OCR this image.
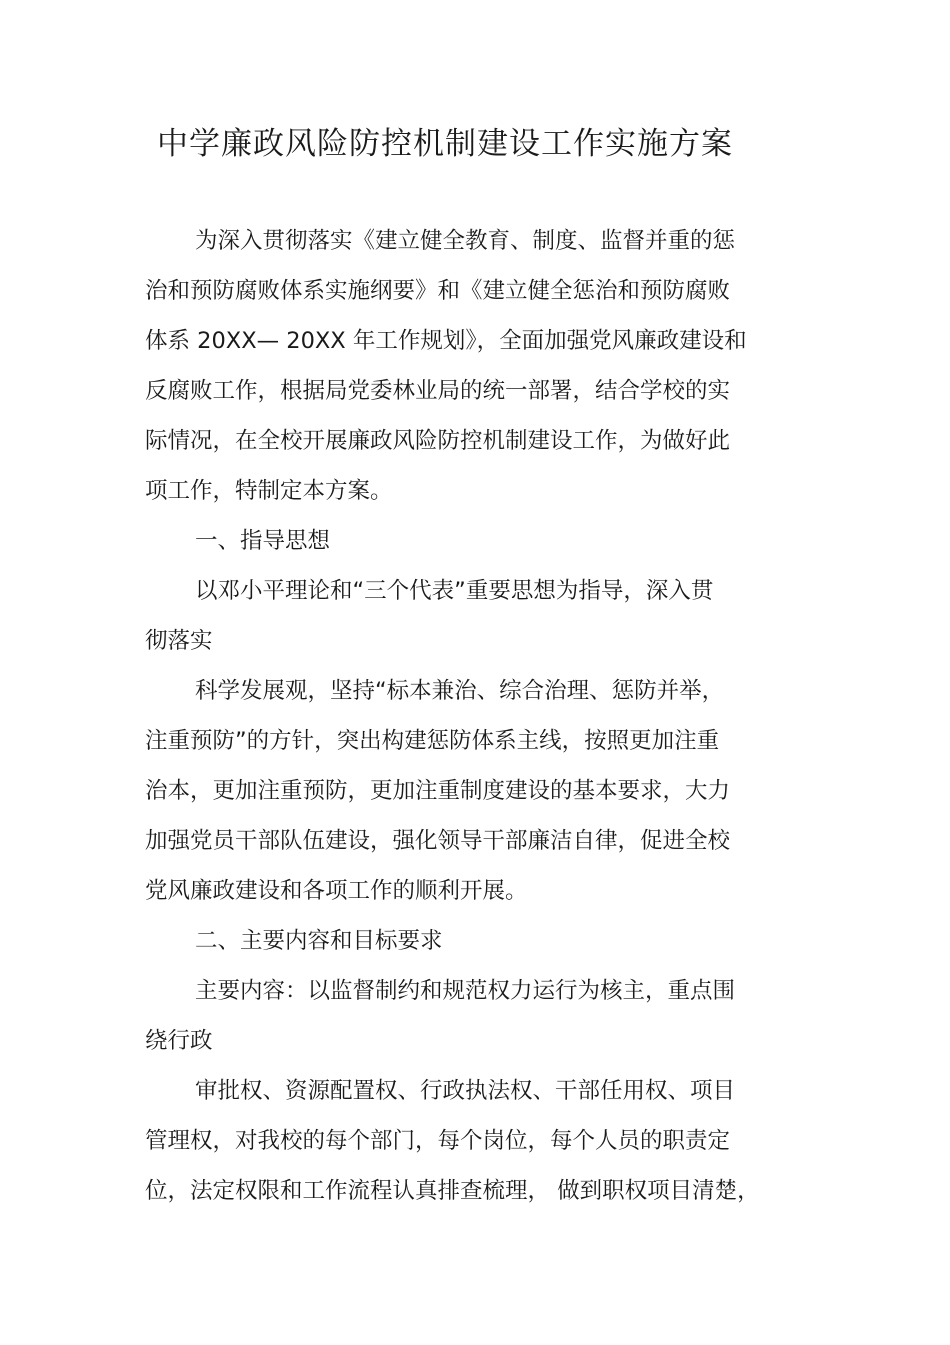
中学廉政风险防控机制建设工作实施方案
为深入贯彻落实《建立健全教育、制度、监督并重的惩
治和预防腐败体系实施纲要》和《建立健全惩治和预防腐败
体系 20XX— 20XX 年工作规划》，全面加强党风廉政建设和
反腐败工作，根据局党委林业局的统一部署，结合学校的实
际情况，在全校开展廉政风险防控机制建设工作，为做好此
项工作，特制定本方案。
一、指导思想
以邓小平理论和“三个代表”重要思想为指导，深入贯
彻落实
科学发展观，坚持“标本兼治、综合治理、惩防并举，
注重预防”的方针，突出构建惩防体系主线，按照更加注重
治本，更加注重预防，更加注重制度建设的基本要求，大力
加强党员干部队伍建设，强化领导干部廉洁自律，促进全校
党风廉政建设和各项工作的顺利开展。
二、主要内容和目标要求
主要内容：以监督制约和规范权力运行为核主，重点围
绕行政
审批权、资源配置权、行政执法权、干部任用权、项目
管理权，对我校的每个部门，每个岗位，每个人员的职责定
位，法定权限和工作流程认真排查梳理， 做到职权项目清楚，
